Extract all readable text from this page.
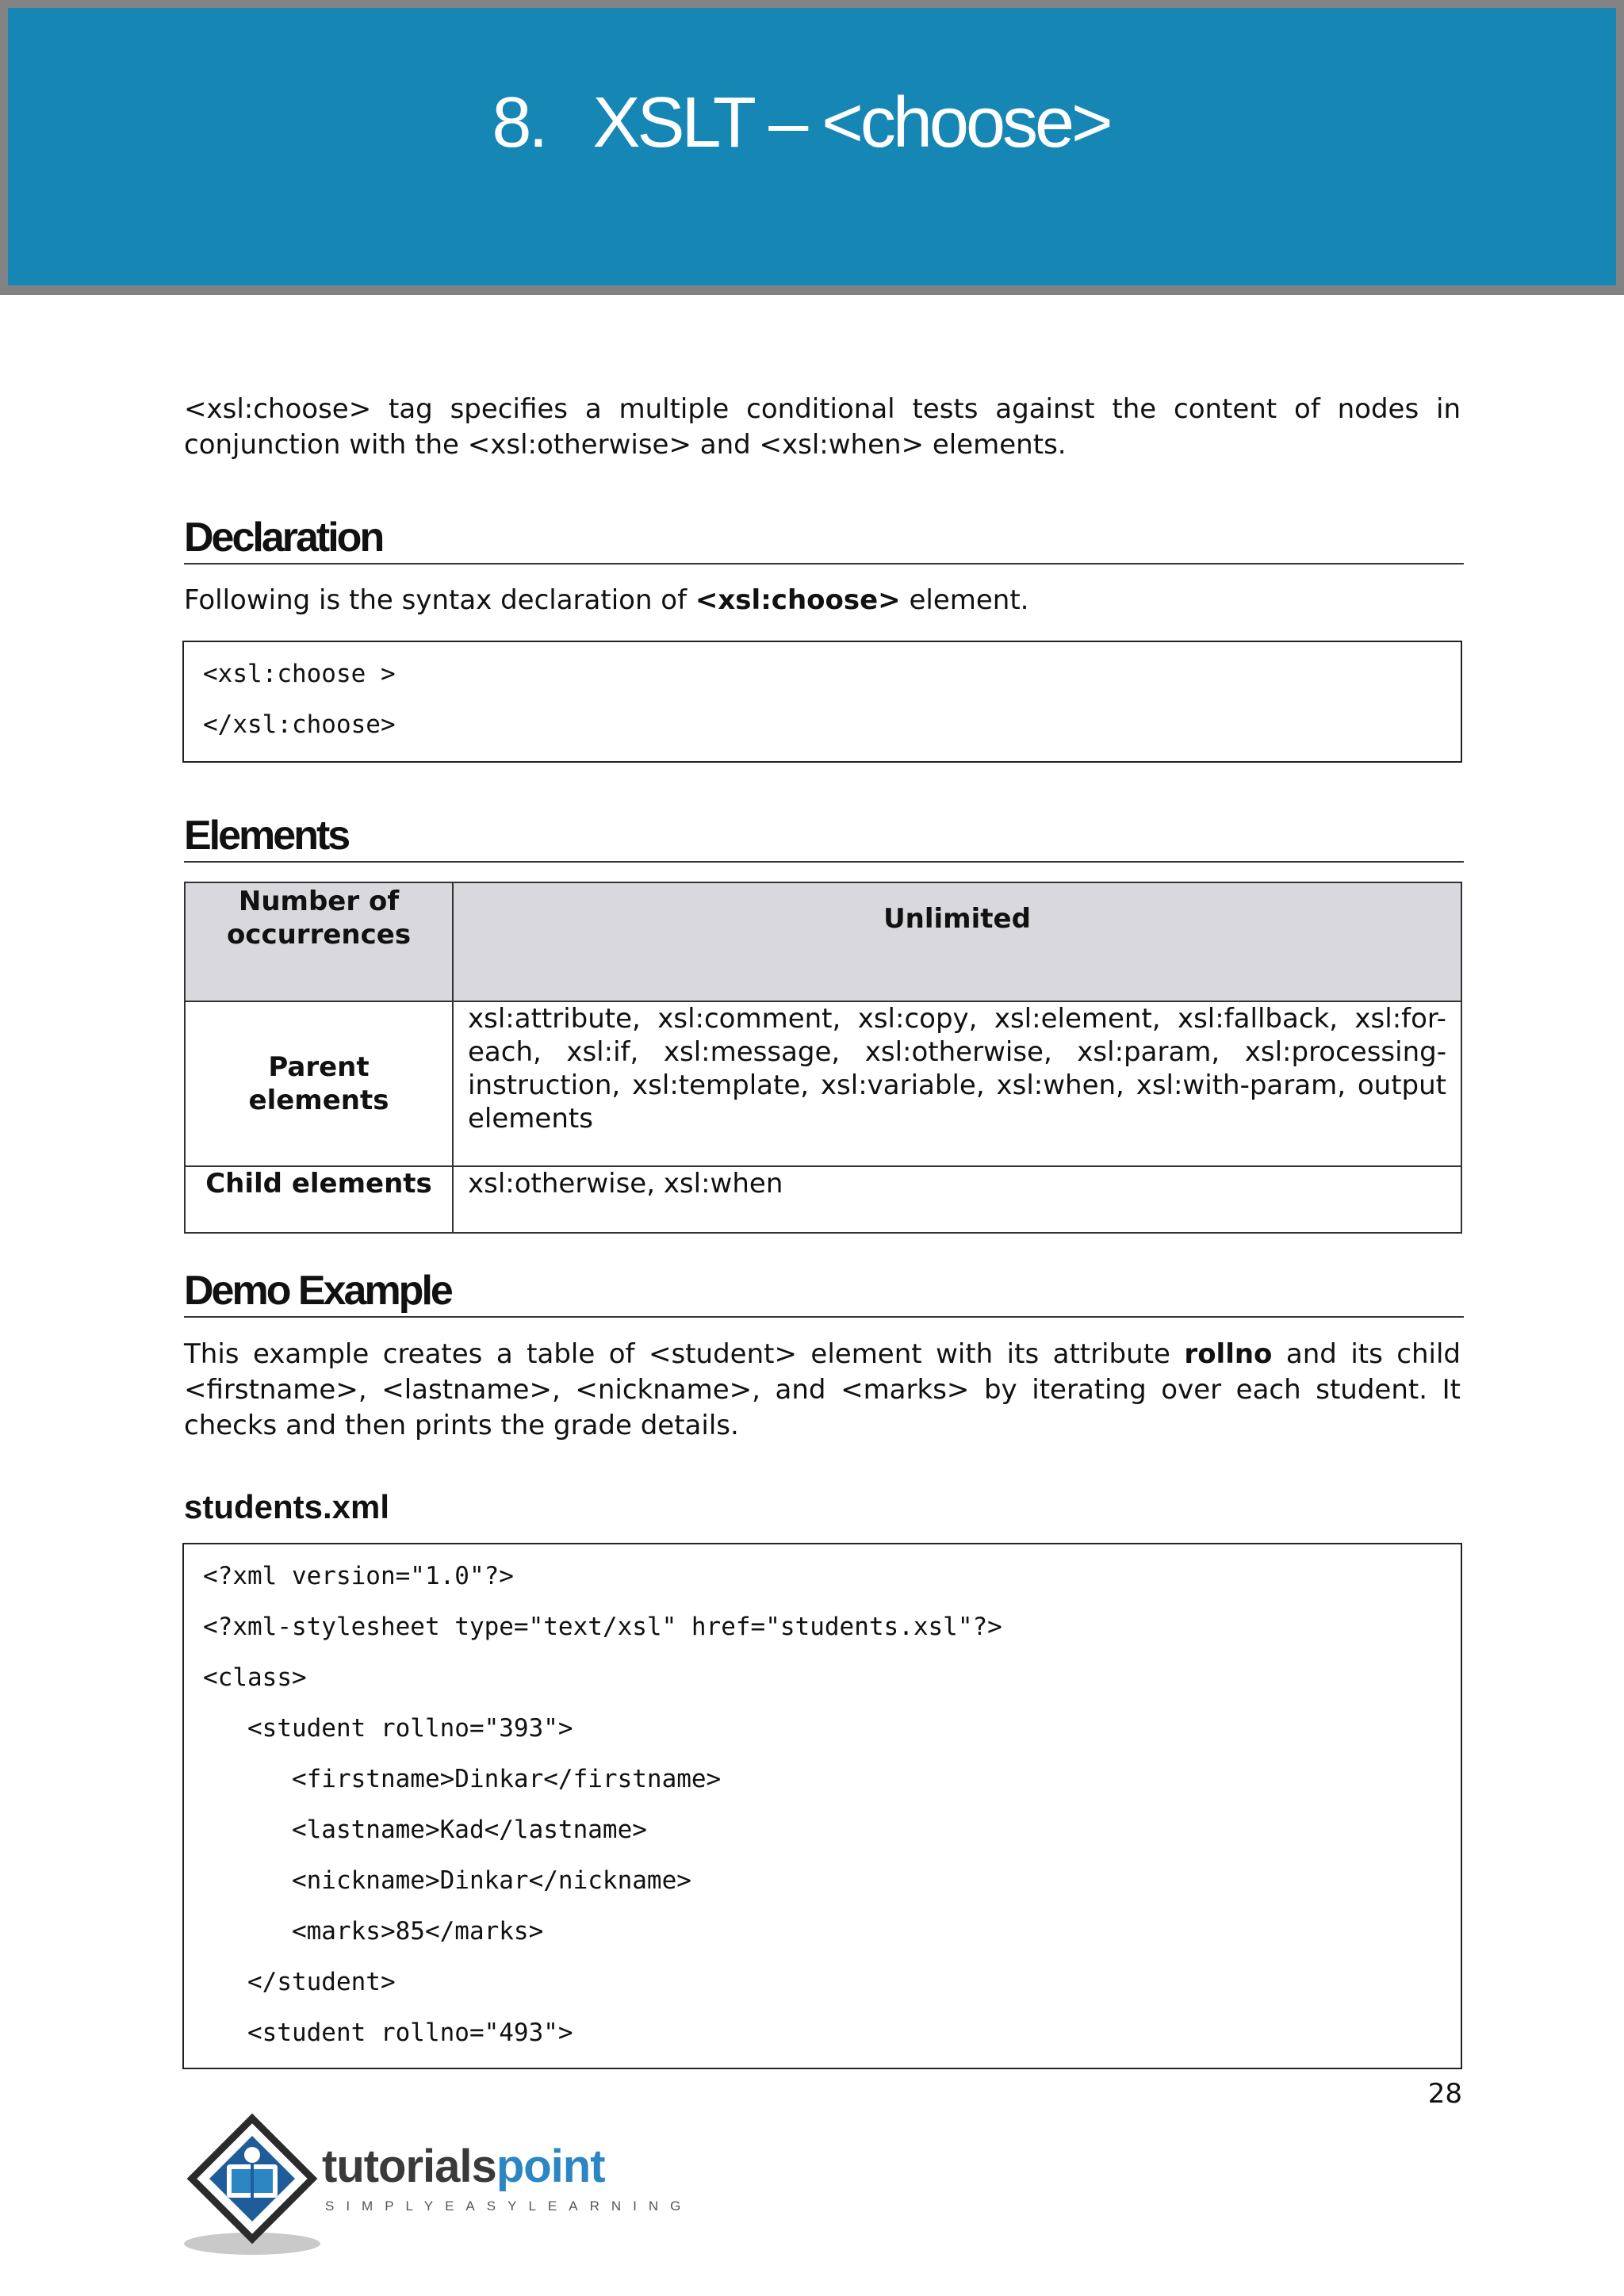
8. XSLT – <choose>
<xsl:choose> tag specifies a multiple conditional tests against the content of nodes in
conjunction with the <xsl:otherwise> and <xsl:when> elements.
Declaration
Following is the syntax declaration of <xsl:choose> element.
<xsl:choose >
</xsl:choose>
Elements
Number of occurrences	Unlimited
Parent elements	xsl:attribute, xsl:comment, xsl:copy, xsl:element, xsl:fallback, xsl:for-each, xsl:if, xsl:message, xsl:otherwise, xsl:param, xsl:processing-instruction, xsl:template, xsl:variable, xsl:when, xsl:with-param, output elements
Child elements	xsl:otherwise, xsl:when
Demo Example
This example creates a table of <student> element with its attribute rollno and its child
<firstname>, <lastname>, <nickname>, and <marks> by iterating over each student. It
checks and then prints the grade details.
students.xml
<?xml version="1.0"?>
<?xml-stylesheet type="text/xsl" href="students.xsl"?>
<class>
<student rollno="393">
<firstname>Dinkar</firstname>
<lastname>Kad</lastname>
<nickname>Dinkar</nickname>
<marks>85</marks>
</student>
<student rollno="493">
28
tutorialspoint
SIMPLYEASYLEARNING
